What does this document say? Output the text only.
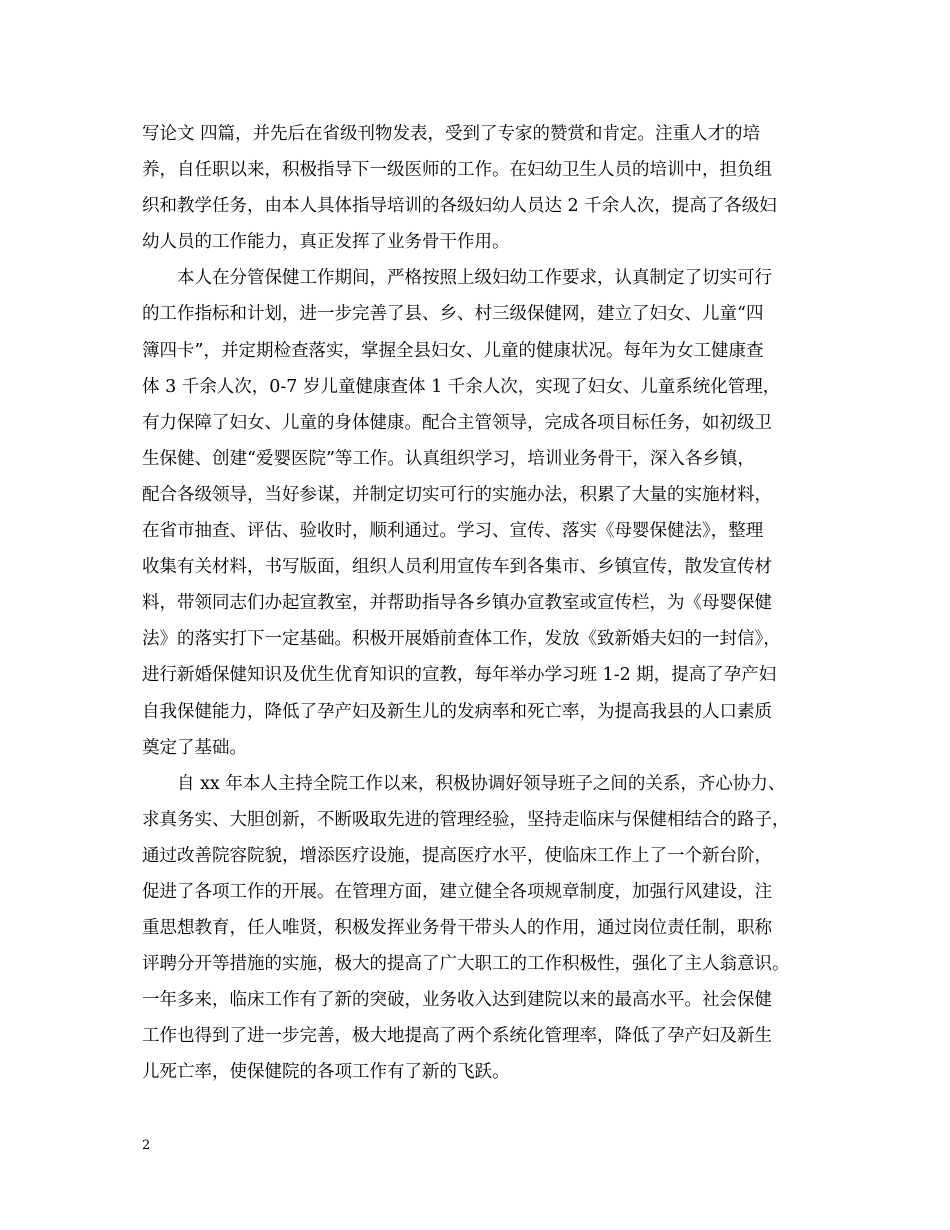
写论文 四篇，并先后在省级刊物发表，受到了专家的赞赏和肯定。注重人才的培
养，自任职以来，积极指导下一级医师的工作。在妇幼卫生人员的培训中，担负组
织和教学任务，由本人具体指导培训的各级妇幼人员达 2 千余人次，提高了各级妇
幼人员的工作能力，真正发挥了业务骨干作用。
本人在分管保健工作期间，严格按照上级妇幼工作要求，认真制定了切实可行
的工作指标和计划，进一步完善了县、乡、村三级保健网，建立了妇女、儿童“四
簿四卡”，并定期检查落实，掌握全县妇女、儿童的健康状况。每年为女工健康查
体 3 千余人次，0-7 岁儿童健康查体 1 千余人次，实现了妇女、儿童系统化管理，
有力保障了妇女、儿童的身体健康。配合主管领导，完成各项目标任务，如初级卫
生保健、创建“爱婴医院”等工作。认真组织学习，培训业务骨干，深入各乡镇，
配合各级领导，当好参谋，并制定切实可行的实施办法，积累了大量的实施材料，
在省市抽查、评估、验收时，顺利通过。学习、宣传、落实《母婴保健法》，整理
收集有关材料，书写版面，组织人员利用宣传车到各集市、乡镇宣传，散发宣传材
料，带领同志们办起宣教室，并帮助指导各乡镇办宣教室或宣传栏，为《母婴保健
法》的落实打下一定基础。积极开展婚前查体工作，发放《致新婚夫妇的一封信》，
进行新婚保健知识及优生优育知识的宣教，每年举办学习班 1-2 期，提高了孕产妇
自我保健能力，降低了孕产妇及新生儿的发病率和死亡率，为提高我县的人口素质
奠定了基础。
自 xx 年本人主持全院工作以来，积极协调好领导班子之间的关系，齐心协力、
求真务实、大胆创新，不断吸取先进的管理经验，坚持走临床与保健相结合的路子，
通过改善院容院貌，增添医疗设施，提高医疗水平，使临床工作上了一个新台阶，
促进了各项工作的开展。在管理方面，建立健全各项规章制度，加强行风建设，注
重思想教育，任人唯贤，积极发挥业务骨干带头人的作用，通过岗位责任制，职称
评聘分开等措施的实施，极大的提高了广大职工的工作积极性，强化了主人翁意识。
一年多来，临床工作有了新的突破，业务收入达到建院以来的最高水平。社会保健
工作也得到了进一步完善，极大地提高了两个系统化管理率，降低了孕产妇及新生
儿死亡率，使保健院的各项工作有了新的飞跃。
2
